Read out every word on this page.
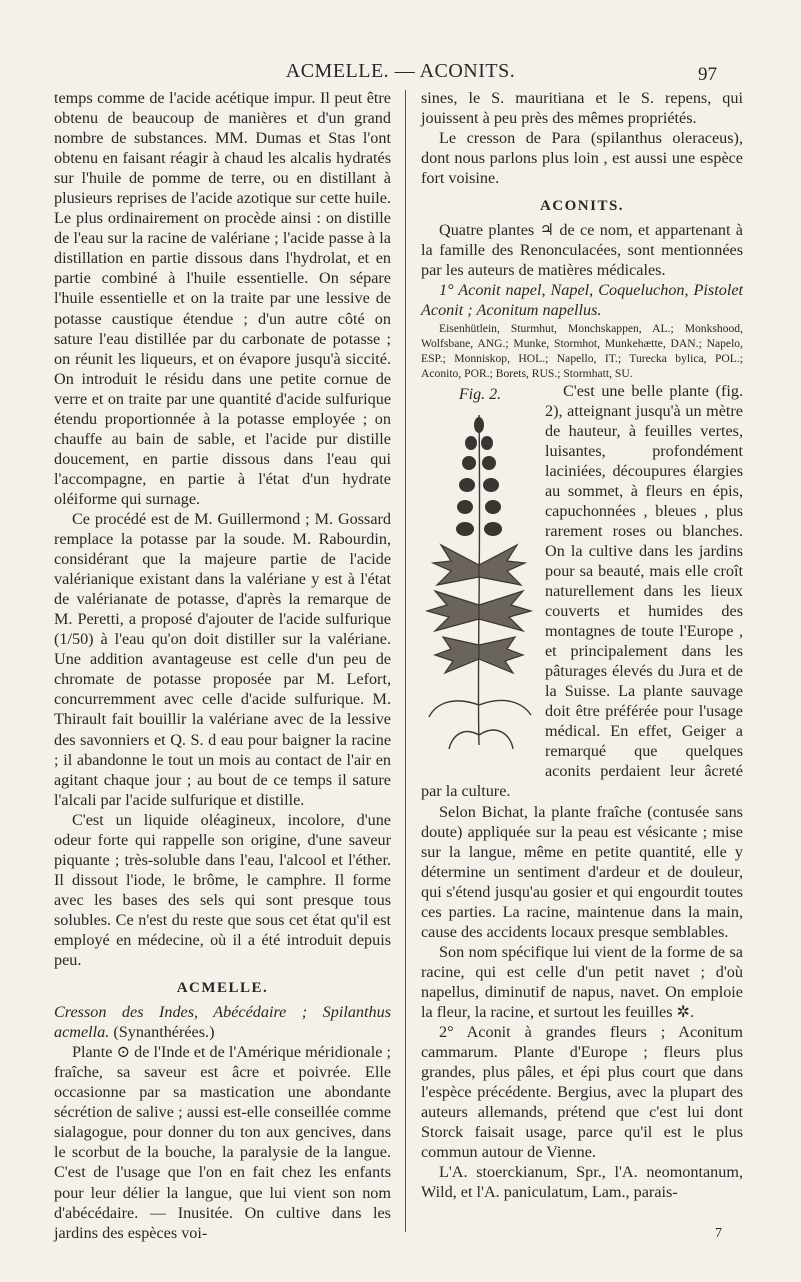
ACMELLE. — ACONITS.	97

temps comme de l'acide acétique impur. Il peut être obtenu de beaucoup de manières et d'un grand nombre de substances. MM. Dumas et Stas l'ont obtenu en faisant réagir à chaud les alcalis hydratés sur l'huile de pomme de terre, ou en distillant à plusieurs reprises de l'acide azotique sur cette huile. Le plus ordinairement on procède ainsi : on distille de l'eau sur la racine de valériane ; l'acide passe à la distillation en partie dissous dans l'hydrolat, et en partie combiné à l'huile essentielle. On sépare l'huile essentielle et on la traite par une lessive de potasse caustique étendue ; d'un autre côté on sature l'eau distillée par du carbonate de potasse ; on réunit les liqueurs, et on évapore jusqu'à siccité. On introduit le résidu dans une petite cornue de verre et on traite par une quantité d'acide sulfurique étendu proportionnée à la potasse employée ; on chauffe au bain de sable, et l'acide pur distille doucement, en partie dissous dans l'eau qui l'accompagne, en partie à l'état d'un hydrate oléiforme qui surnage.

Ce procédé est de M. Guillermond ; M. Gossard remplace la potasse par la soude. M. Rabourdin, considérant que la majeure partie de l'acide valérianique existant dans la valériane y est à l'état de valérianate de potasse, d'après la remarque de M. Peretti, a proposé d'ajouter de l'acide sulfurique (1/50) à l'eau qu'on doit distiller sur la valériane. Une addition avantageuse est celle d'un peu de chromate de potasse proposée par M. Lefort, concurremment avec celle d'acide sulfurique. M. Thirault fait bouillir la valériane avec de la lessive des savonniers et Q. S. d eau pour baigner la racine ; il abandonne le tout un mois au contact de l'air en agitant chaque jour ; au bout de ce temps il sature l'alcali par l'acide sulfurique et distille.

C'est un liquide oléagineux, incolore, d'une odeur forte qui rappelle son origine, d'une saveur piquante ; très-soluble dans l'eau, l'alcool et l'éther. Il dissout l'iode, le brôme, le camphre. Il forme avec les bases des sels qui sont presque tous solubles. Ce n'est du reste que sous cet état qu'il est employé en médecine, où il a été introduit depuis peu.

ACMELLE.

Cresson des Indes, Abécédaire ; Spilanthus acmella. (Synanthérées.)

Plante ⊙ de l'Inde et de l'Amérique méridionale ; fraîche, sa saveur est âcre et poivrée. Elle occasionne par sa mastication une abondante sécrétion de salive ; aussi est-elle conseillée comme sialagogue, pour donner du ton aux gencives, dans le scorbut de la bouche, la paralysie de la langue. C'est de l'usage que l'on en fait chez les enfants pour leur délier la langue, que lui vient son nom d'abécédaire. — Inusitée. On cultive dans les jardins des espèces voi-

sines, le S. mauritiana et le S. repens, qui jouissent à peu près des mêmes propriétés.

Le cresson de Para (spilanthus oleraceus), dont nous parlons plus loin , est aussi une espèce fort voisine.

ACONITS.

Quatre plantes ♃ de ce nom, et appartenant à la famille des Renonculacées, sont mentionnées par les auteurs de matières médicales.

1° Aconit napel, Napel, Coqueluchon, Pistolet Aconit ; Aconitum napellus.

Eisenhütlein, Sturmhut, Monchskappen, AL.; Monkshood, Wolfsbane, ANG.; Munke, Stormhot, Munkehætte, DAN.; Napelo, ESP.; Monniskop, HOL.; Napello, IT.; Turecka bylica, POL.; Aconito, POR.; Borets, RUS.; Stormhatt, SU.

Fig. 2.	C'est une belle plante (fig. 2), atteignant jusqu'à un mètre de hauteur, à feuilles vertes, luisantes, profondément laciniées, découpures élargies au sommet, à fleurs en épis, capuchonnées , bleues , plus rarement roses ou blanches. On la cultive dans les jardins pour sa beauté, mais elle croît naturellement dans les lieux couverts et humides des montagnes de toute l'Europe , et principalement dans les pâturages élevés du Jura et de la Suisse. La plante sauvage doit être préférée pour l'usage médical. En effet, Geiger a remarqué que quelques aconits perdaient leur âcreté par la culture.

Selon Bichat, la plante fraîche (contusée sans doute) appliquée sur la peau est vésicante ; mise sur la langue, même en petite quantité, elle y détermine un sentiment d'ardeur et de douleur, qui s'étend jusqu'au gosier et qui engourdit toutes ces parties. La racine, maintenue dans la main, cause des accidents locaux presque semblables.

Son nom spécifique lui vient de la forme de sa racine, qui est celle d'un petit navet ; d'où napellus, diminutif de napus, navet. On emploie la fleur, la racine, et surtout les feuilles ✲.

2° Aconit à grandes fleurs ; Aconitum cammarum. Plante d'Europe ; fleurs plus grandes, plus pâles, et épi plus court que dans l'espèce précédente. Bergius, avec la plupart des auteurs allemands, prétend que c'est lui dont Storck faisait usage, parce qu'il est le plus commun autour de Vienne.

L'A. stoerckianum, Spr., l'A. neomontanum, Wild, et l'A. paniculatum, Lam., parais-

7
